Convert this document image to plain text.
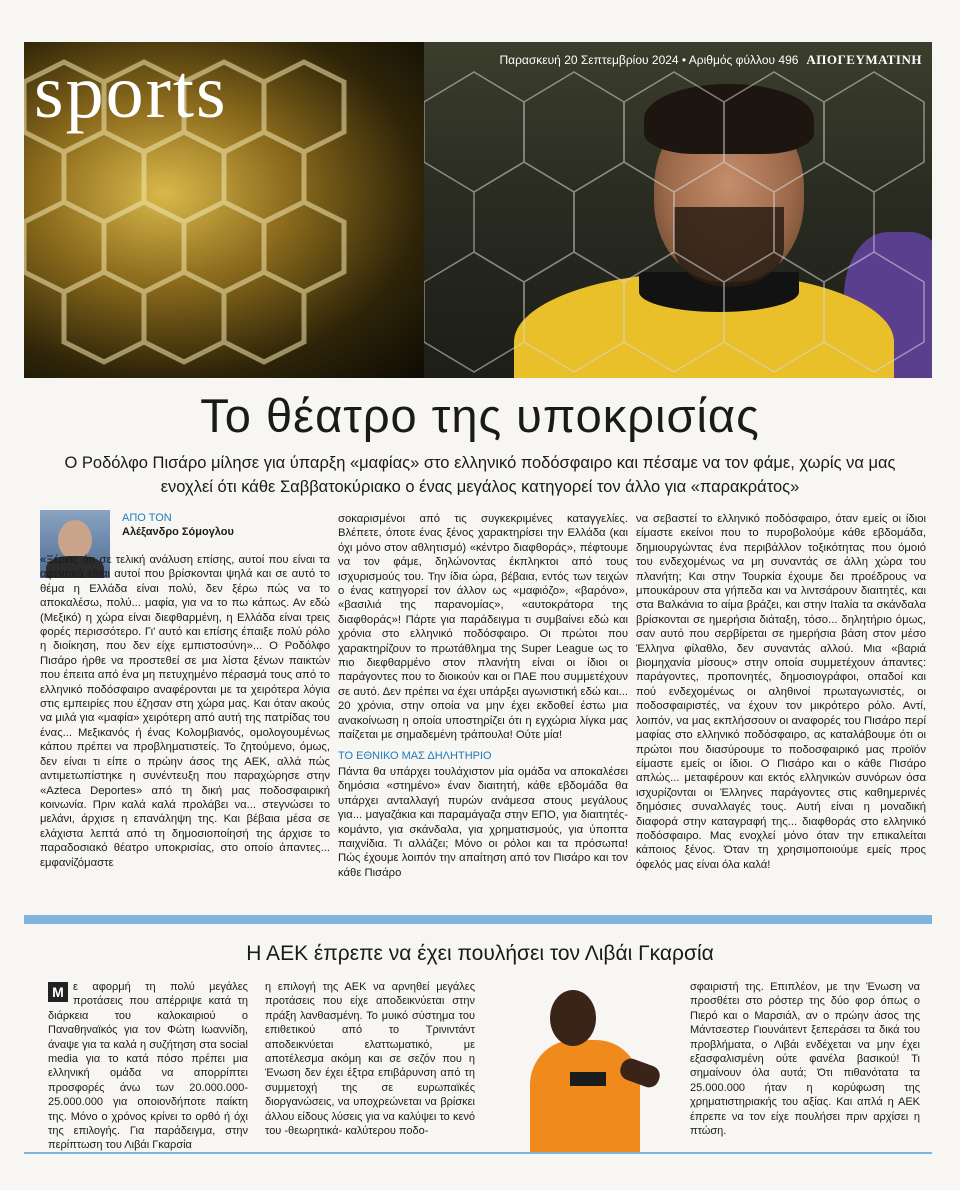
sports	Παρασκευή 20 Σεπτεμβρίου 2024 • Αριθμός φύλλου 496 ΑΠΟΓΕΥΜΑΤΙΝΗ
Το θέατρο της υποκρισίας
Ο Ροδόλφο Πισάρο μίλησε για ύπαρξη «μαφίας» στο ελληνικό ποδόσφαιρο και πέσαμε να τον φάμε, χωρίς να μας ενοχλεί ότι κάθε Σαββατοκύριακο ο ένας μεγάλος κατηγορεί τον άλλο για «παρακράτος»
ΑΠΟ ΤΟΝ
Αλέξανδρο Σόμογλου

«Ξέρεις ότι σε τελική ανάλυση επίσης, αυτοί που είναι τα αφεντικά είναι αυτοί που βρίσκονται ψηλά και σε αυτό το θέμα η Ελλάδα είναι πολύ, δεν ξέρω πώς να το αποκαλέσω, πολύ... μαφία, για να το πω κάπως. Αν εδώ (Μεξικό) η χώρα είναι διεφθαρμένη, η Ελλάδα είναι τρεις φορές περισσότερο. Γι' αυτό και επίσης έπαιξε πολύ ρόλο η διοίκηση, που δεν είχε εμπιστοσύνη»... Ο Ροδόλφο Πισάρο ήρθε να προστεθεί σε μια λίστα ξένων παικτών που έπειτα από ένα μη πετυχημένο πέρασμά τους από το ελληνικό ποδόσφαιρο αναφέρονται με τα χειρότερα λόγια στις εμπειρίες που έζησαν στη χώρα μας. Και όταν ακούς να μιλά για «μαφία» χειρότερη από αυτή της πατρίδας του ένας... Μεξικανός ή ένας Κολομβιανός, ομολογουμένως κάπου πρέπει να προβληματιστείς. Το ζητούμενο, όμως, δεν είναι τι είπε ο πρώην άσος της ΑΕΚ, αλλά πώς αντιμετωπίστηκε η συνέντευξη που παραχώρησε στην «Azteca Deportes» από τη δική μας ποδοσφαιρική κοινωνία. Πριν καλά καλά προλάβει να... στεγνώσει το μελάνι, άρχισε η επανάληψη της. Και βέβαια μέσα σε ελάχιστα λεπτά από τη δημοσιοποίησή της άρχισε το παραδοσιακό θέατρο υποκρισίας, στο οποίο άπαντες... εμφανίζόμαστε

σοκαρισμένοι από τις συγκεκριμένες καταγγελίες. Βλέπετε, όποτε ένας ξένος χαρακτηρίσει την Ελλάδα (και όχι μόνο στον αθλητισμό) «κέντρο διαφθοράς», πέφτουμε να τον φάμε, δηλώνοντας έκπληκτοι από τους ισχυρισμούς του. Την ίδια ώρα, βέβαια, εντός των τειχών ο ένας κατηγορεί τον άλλον ως «μαφιόζο», «βαρόνο», «βασιλιά της παρανομίας», «αυτοκράτορα της διαφθοράς»! Πάρτε για παράδειγμα τι συμβαίνει εδώ και χρόνια στο ελληνικό ποδόσφαιρο. Οι πρώτοι που χαρακτηρίζουν το πρωτάθλημα της Super League ως το πιο διεφθαρμένο στον πλανήτη είναι οι ίδιοι οι παράγοντες που το διοικούν και οι ΠΑΕ που συμμετέχουν σε αυτό. Δεν πρέπει να έχει υπάρξει αγωνιστική εδώ και... 20 χρόνια, στην οποία να μην έχει εκδοθεί έστω μια ανακοίνωση η οποία υποστηρίζει ότι η εγχώρια λίγκα μας παίζεται με σημαδεμένη τράπουλα! Ούτε μία!

ΤΟ ΕΘΝΙΚΟ ΜΑΣ ΔΗΛΗΤΗΡΙΟ

Πάντα θα υπάρχει τουλάχιστον μία ομάδα να αποκαλέσει δημόσια «στημένο» έναν διαιτητή, κάθε εβδομάδα θα υπάρχει ανταλλαγή πυρών ανάμεσα στους μεγάλους για... μαγαζάκια και παραμάγαζα στην ΕΠΟ, για διαιτητές-κομάντο, για σκάνδαλα, για χρηματισμούς, για ύποπτα παιχνίδια. Τι αλλάζει; Μόνο οι ρόλοι και τα πρόσωπα! Πώς έχουμε λοιπόν την απαίτηση από τον Πισάρο και τον κάθε Πισάρο

να σεβαστεί το ελληνικό ποδόσφαιρο, όταν εμείς οι ίδιοι είμαστε εκείνοι που το πυροβολούμε κάθε εβδομάδα, δημιουργώντας ένα περιβάλλον τοξικότητας που όμοιό του ενδεχομένως να μη συναντάς σε άλλη χώρα του πλανήτη; Και στην Τουρκία έχουμε δει προέδρους να μπουκάρουν στα γήπεδα και να λιντσάρουν διαιτητές, και στα Βαλκάνια το αίμα βράζει, και στην Ιταλία τα σκάνδαλα βρίσκονται σε ημερήσια διάταξη, τόσο... δηλητήριο όμως, σαν αυτό που σερβίρεται σε ημερήσια βάση στον μέσο Έλληνα φίλαθλο, δεν συναντάς αλλού. Μια «βαριά βιομηχανία μίσους» στην οποία συμμετέχουν άπαντες: παράγοντες, προπονητές, δημοσιογράφοι, οπαδοί και πού ενδεχομένως οι αληθινοί πρωταγωνιστές, οι ποδοσφαιριστές, να έχουν τον μικρότερο ρόλο. Αντί, λοιπόν, να μας εκπλήσσουν οι αναφορές του Πισάρο περί μαφίας στο ελληνικό ποδόσφαιρο, ας καταλάβουμε ότι οι πρώτοι που διασύρουμε το ποδοσφαιρικό μας προϊόν είμαστε εμείς οι ίδιοι. Ο Πισάρο και ο κάθε Πισάρο απλώς... μεταφέρουν και εκτός ελληνικών συνόρων όσα ισχυρίζονται οι Έλληνες παράγοντες στις καθημερινές δημόσιες συναλλαγές τους. Αυτή είναι η μοναδική διαφορά στην καταγραφή της... διαφθοράς στο ελληνικό ποδόσφαιρο. Μας ενοχλεί μόνο όταν την επικαλείται κάποιος ξένος. Όταν τη χρησιμοποιούμε εμείς προς όφελός μας είναι όλα καλά!

Η ΑΕΚ έπρεπε να έχει πουλήσει τον Λιβάι Γκαρσία
Μ ε αφορμή τη πολύ μεγάλες προτάσεις που απέρριψε κατά τη διάρκεια του καλοκαιριού ο Παναθηναϊκός για τον Φώτη Ιωαννίδη, άναψε για τα καλά η συζήτηση στα social media για το κατά πόσο πρέπει μια ελληνική ομάδα να απορρίπτει προσφορές άνω των 20.000.000-25.000.000 για οποιονδήποτε παίκτη της. Μόνο ο χρόνος κρίνει το ορθό ή όχι της επιλογής. Για παράδειγμα, στην περίπτωση του Λιβάι Γκαρσία

η επιλογή της ΑΕΚ να αρνηθεί μεγάλες προτάσεις που είχε αποδεικνύεται στην πράξη λανθασμένη. Το μυικό σύστημα του επιθετικού από το Τρινιντάντ αποδεικνύεται ελαττωματικό, με αποτέλεσμα ακόμη και σε σεζόν που η Ένωση δεν έχει έξτρα επιβάρυνση από τη συμμετοχή της σε ευρωπαϊκές διοργανώσεις, να υποχρεώνεται να βρίσκει άλλου είδους λύσεις για να καλύψει το κενό του -θεωρητικά- καλύτερου ποδο-

σφαιριστή της. Επιπλέον, με την Ένωση να προσθέτει στο ρόστερ της δύο φορ όπως ο Πιερό και ο Μαρσιάλ, αν ο πρώην άσος της Μάντσεστερ Γιουνάιτεντ ξεπεράσει τα δικά του προβλήματα, ο Λιβάι ενδέχεται να μην έχει εξασφαλισμένη ούτε φανέλα βασικού! Τι σημαίνουν όλα αυτά; Ότι πιθανότατα τα 25.000.000 ήταν η κορύφωση της χρηματιστηριακής του αξίας. Και απλά η ΑΕΚ έπρεπε να τον είχε πουλήσει πριν αρχίσει η πτώση.
